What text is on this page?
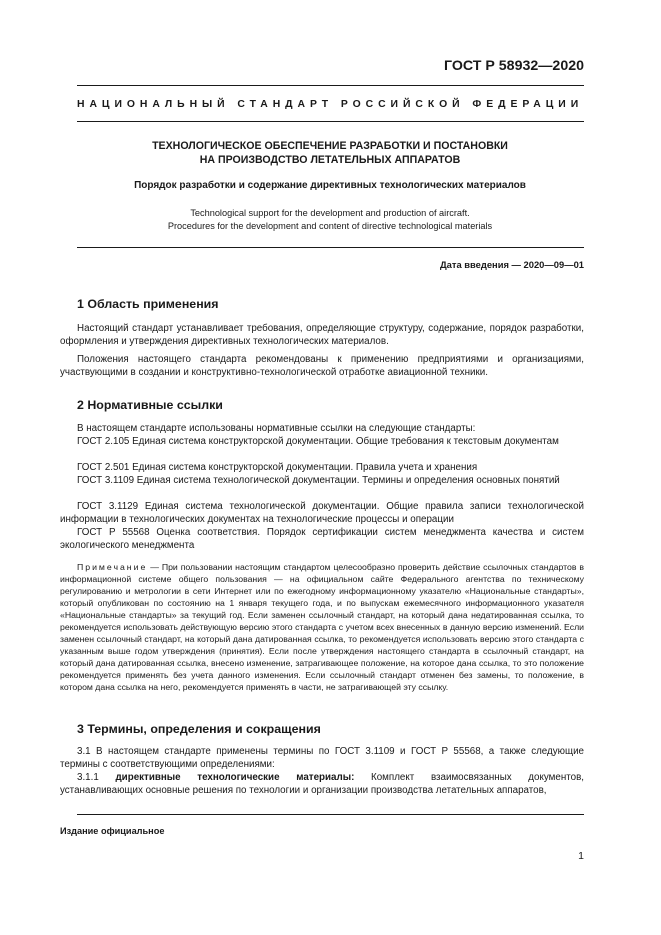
ГОСТ Р 58932—2020
НАЦИОНАЛЬНЫЙ СТАНДАРТ РОССИЙСКОЙ ФЕДЕРАЦИИ
ТЕХНОЛОГИЧЕСКОЕ ОБЕСПЕЧЕНИЕ РАЗРАБОТКИ И ПОСТАНОВКИ
НА ПРОИЗВОДСТВО ЛЕТАТЕЛЬНЫХ АППАРАТОВ
Порядок разработки и содержание директивных технологических материалов
Technological support for the development and production of aircraft.
Procedures for the development and content of directive technological materials
Дата введения — 2020—09—01
1 Область применения

Настоящий стандарт устанавливает требования, определяющие структуру, содержание, порядок разработки, оформления и утверждения директивных технологических материалов.

Положения настоящего стандарта рекомендованы к применению предприятиями и организациями, участвующими в создании и конструктивно-технологической отработке авиационной техники.

2 Нормативные ссылки

В настоящем стандарте использованы нормативные ссылки на следующие стандарты:

ГОСТ 2.105 Единая система конструкторской документации. Общие требования к текстовым документам

ГОСТ 2.501 Единая система конструкторской документации. Правила учета и хранения

ГОСТ 3.1109 Единая система технологической документации. Термины и определения основных понятий

ГОСТ 3.1129 Единая система технологической документации. Общие правила записи технологической информации в технологических документах на технологические процессы и операции

ГОСТ Р 55568 Оценка соответствия. Порядок сертификации систем менеджмента качества и систем экологического менеджмента

Примечание — При пользовании настоящим стандартом целесообразно проверить действие ссылочных стандартов в информационной системе общего пользования — на официальном сайте Федерального агентства по техническому регулированию и метрологии в сети Интернет или по ежегодному информационному указателю «Национальные стандарты», который опубликован по состоянию на 1 января текущего года, и по выпускам ежемесячного информационного указателя «Национальные стандарты» за текущий год. Если заменен ссылочный стандарт, на который дана недатированная ссылка, то рекомендуется использовать действующую версию этого стандарта с учетом всех внесенных в данную версию изменений. Если заменен ссылочный стандарт, на который дана датированная ссылка, то рекомендуется использовать версию этого стандарта с указанным выше годом утверждения (принятия). Если после утверждения настоящего стандарта в ссылочный стандарт, на который дана датированная ссылка, внесено изменение, затрагивающее положение, на которое дана ссылка, то это положение рекомендуется применять без учета данного изменения. Если ссылочный стандарт отменен без замены, то положение, в котором дана ссылка на него, рекомендуется применять в части, не затрагивающей эту ссылку.

3 Термины, определения и сокращения

3.1 В настоящем стандарте применены термины по ГОСТ 3.1109 и ГОСТ Р 55568, а также следующие термины с соответствующими определениями:

3.1.1 директивные технологические материалы: Комплект взаимосвязанных документов, устанавливающих основные решения по технологии и организации производства летательных аппаратов,

Издание официальное
1
